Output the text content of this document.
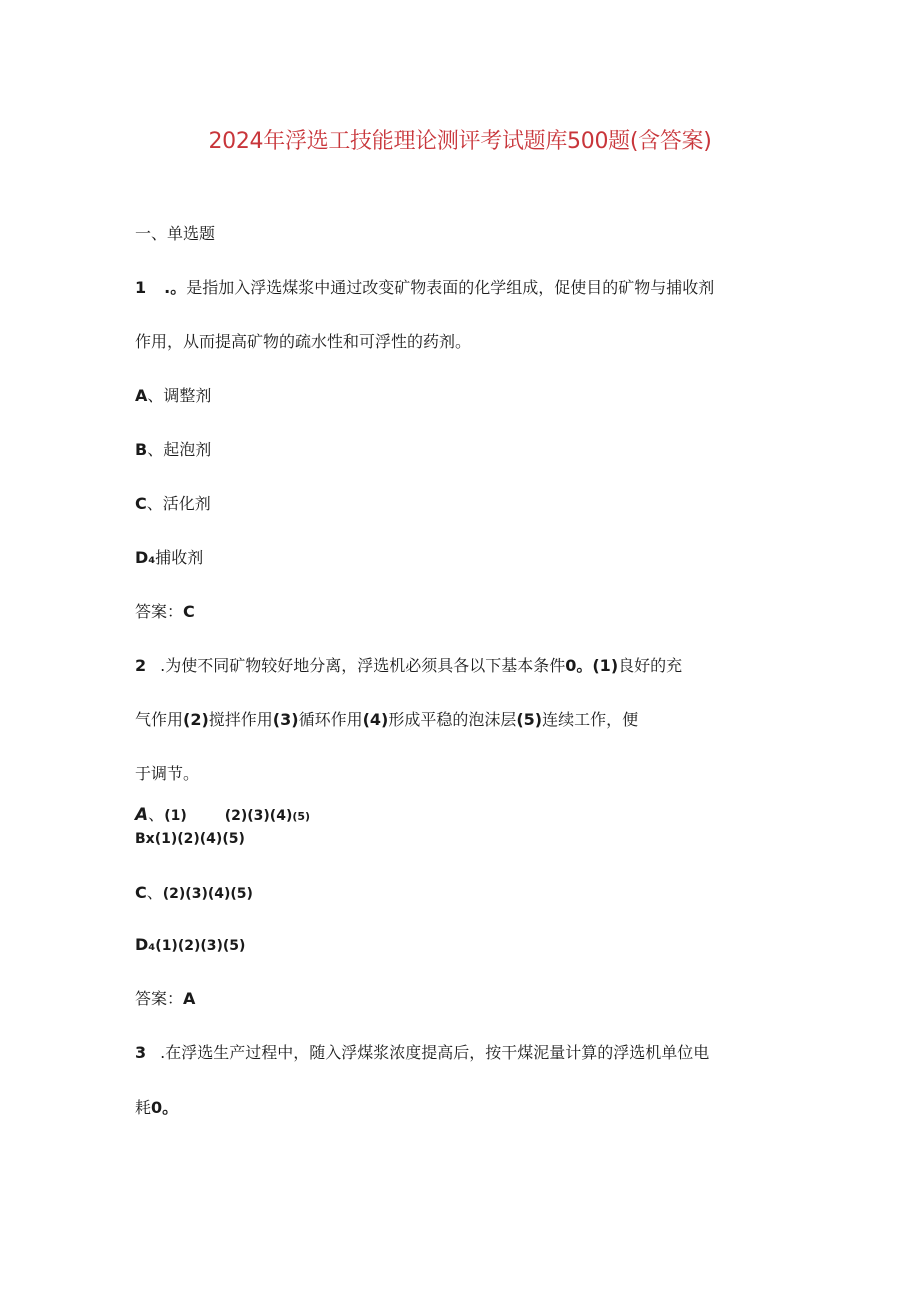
2024年浮选工技能理论测评考试题库500题(含答案)
一、单选题
1 .。是指加入浮选煤浆中通过改变矿物表面的化学组成，促使目的矿物与捕收剂
作用，从而提高矿物的疏水性和可浮性的药剂。
A、调整剂
B、起泡剂
C、活化剂
D₄捕收剂
答案：C
2 .为使不同矿物较好地分离，浮选机必须具各以下基本条件0。(1)良好的充
气作用(2)搅拌作用(3)循环作用(4)形成平稳的泡沫层(5)连续工作，便
于调节。
A、(1)	(2)(3)(4)(5)
Bx(1)(2)(4)(5)
C、(2)(3)(4)(5)
D₄(1)(2)(3)(5)
答案：A
3 .在浮选生产过程中，随入浮煤浆浓度提高后，按干煤泥量计算的浮选机单位电
耗0。
